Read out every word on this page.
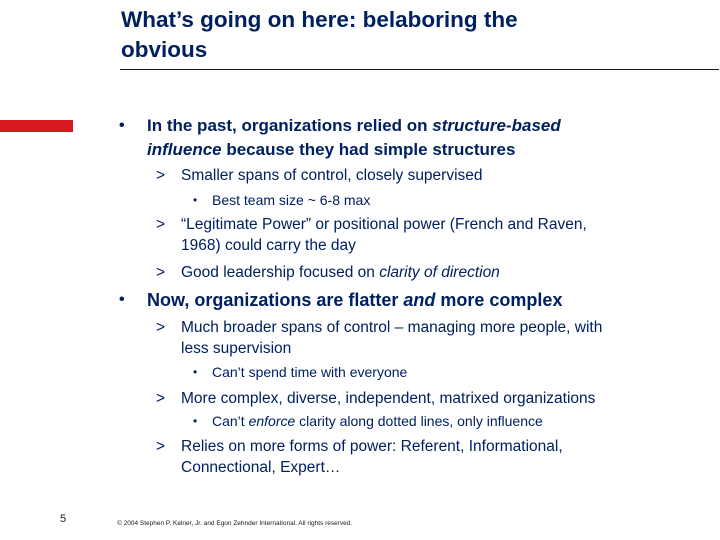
What’s going on here: belaboring the
obvious
• In the past, organizations relied on structure-based
influence because they had simple structures
> Smaller spans of control, closely supervised
• Best team size ~ 6-8 max
> “Legitimate Power” or positional power (French and Raven,
1968) could carry the day
> Good leadership focused on clarity of direction
• Now, organizations are flatter and more complex
> Much broader spans of control – managing more people, with
less supervision
• Can’t spend time with everyone
> More complex, diverse, independent, matrixed organizations
• Can’t enforce clarity along dotted lines, only influence
> Relies on more forms of power: Referent, Informational,
Connectional, Expert…
5	© 2004 Stephen P. Kelner, Jr. and Egon Zehnder International. All rights reserved.
